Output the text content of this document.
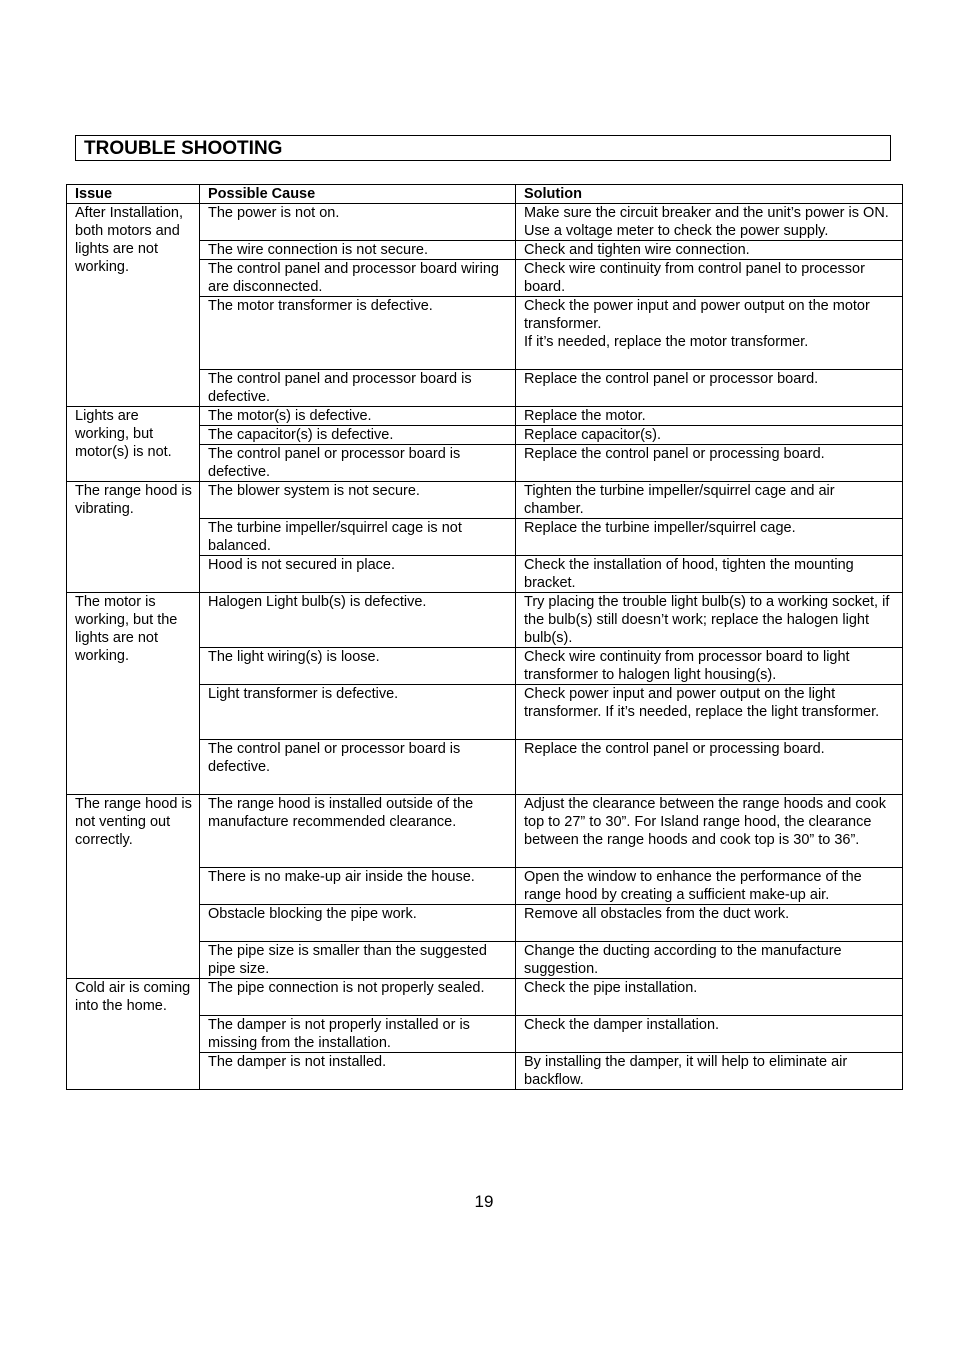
TROUBLE SHOOTING
Issue	Possible Cause	Solution
After Installation, both motors and lights are not working.	The power is not on.	Make sure the circuit breaker and the unit’s power is ON. Use a voltage meter to check the power supply.
	The wire connection is not secure.	Check and tighten wire connection.
	The control panel and processor board wiring are disconnected.	Check wire continuity from control panel to processor board.
	The motor transformer is defective.	Check the power input and power output on the motor transformer.
If it’s needed, replace the motor transformer.

	The control panel and processor board is defective.	Replace the control panel or processor board.
Lights are working, but motor(s) is not.	The motor(s) is defective.	Replace the motor.
	The capacitor(s) is defective.	Replace capacitor(s).
	The control panel or processor board is defective.	Replace the control panel or processing board.
The range hood is vibrating.	The blower system is not secure.	Tighten the turbine impeller/squirrel cage and air chamber.
	The turbine impeller/squirrel cage is not balanced.	Replace the turbine impeller/squirrel cage.
	Hood is not secured in place.	Check the installation of hood, tighten the mounting bracket.
The motor is working, but the lights are not working.	Halogen Light bulb(s) is defective.	Try placing the trouble light bulb(s) to a working socket, if the bulb(s) still doesn’t work; replace the halogen light bulb(s).
	The light wiring(s) is loose.	Check wire continuity from processor board to light transformer to halogen light housing(s).
	Light transformer is defective.	Check power input and power output on the light transformer. If it’s needed, replace the light transformer.
	The control panel or processor board is defective.	Replace the control panel or processing board.
The range hood is not venting out correctly.	The range hood is installed outside of the manufacture recommended clearance.	Adjust the clearance between the range hoods and cook top to 27” to 30”. For Island range hood, the clearance between the range hoods and cook top is 30” to 36”.
	There is no make-up air inside the house.	Open the window to enhance the performance of the range hood by creating a sufficient make-up air.
	Obstacle blocking the pipe work.	Remove all obstacles from the duct work.
	The pipe size is smaller than the suggested pipe size.	Change the ducting according to the manufacture suggestion.
Cold air is coming into the home.	The pipe connection is not properly sealed.	Check the pipe installation.
	The damper is not properly installed or is missing from the installation.	Check the damper installation.
	The damper is not installed.	By installing the damper, it will help to eliminate air backflow.
19
